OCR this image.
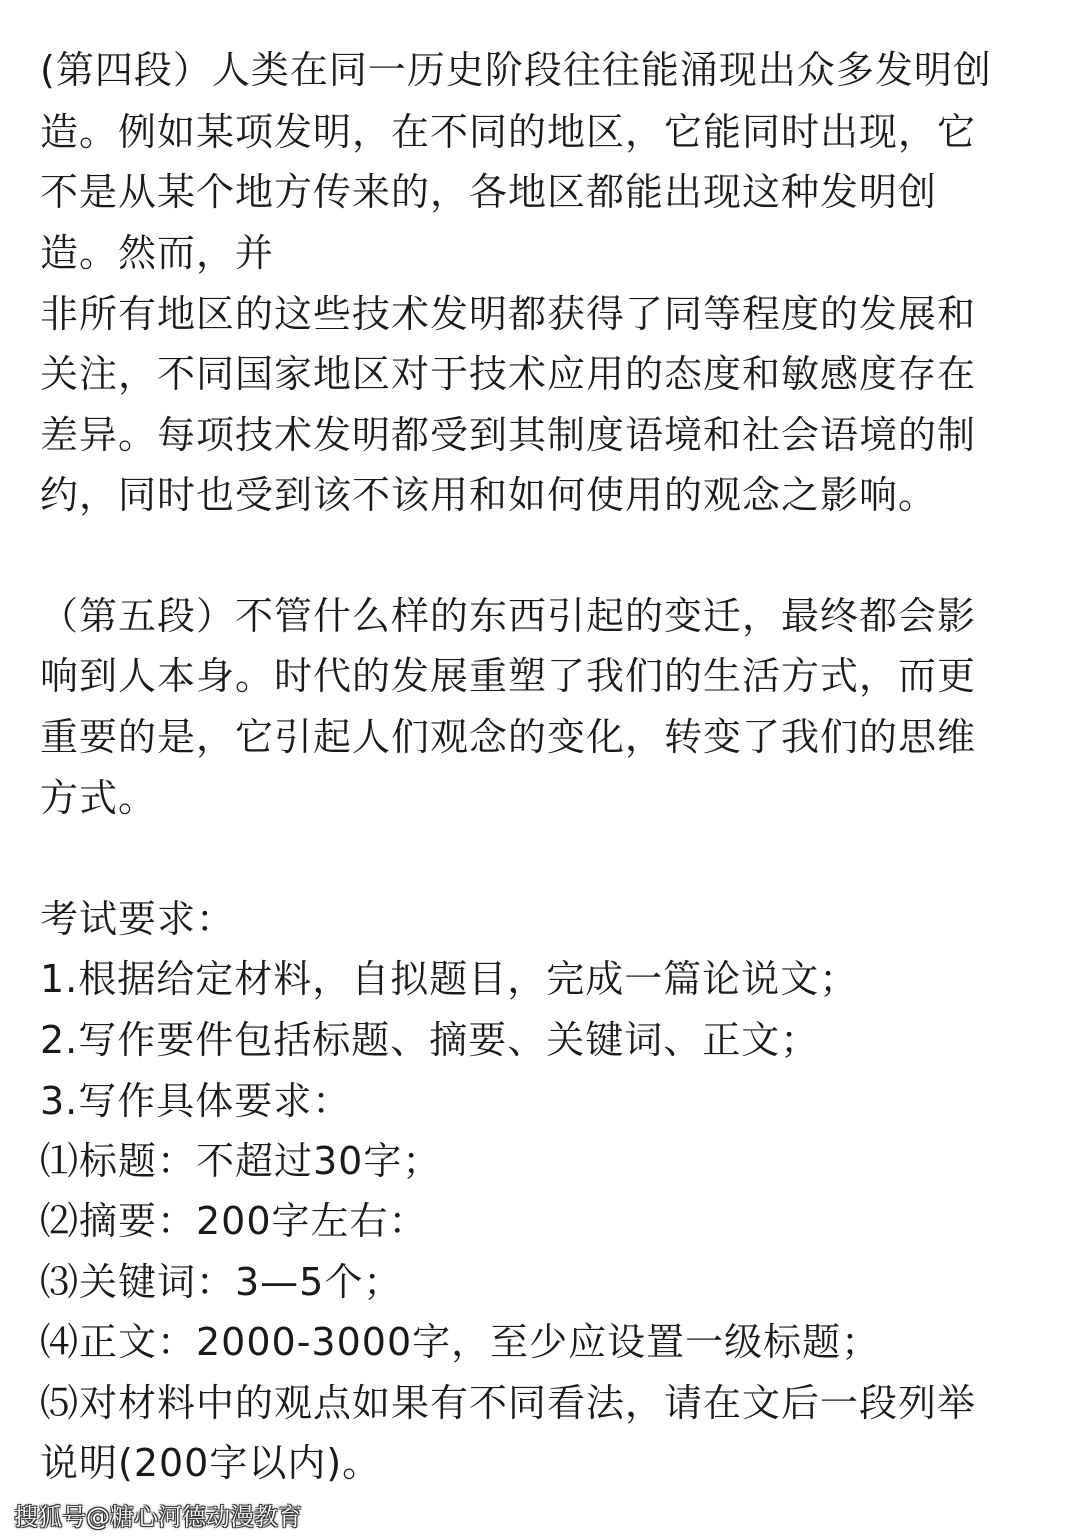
(第四段）人类在同一历史阶段往往能涌现出众多发明创
造。例如某项发明，在不同的地区，它能同时出现，它
不是从某个地方传来的，各地区都能出现这种发明创
造。然而，并
非所有地区的这些技术发明都获得了同等程度的发展和
关注，不同国家地区对于技术应用的态度和敏感度存在
差异。每项技术发明都受到其制度语境和社会语境的制
约，同时也受到该不该用和如何使用的观念之影响。
（第五段）不管什么样的东西引起的变迁，最终都会影
响到人本身。时代的发展重塑了我们的生活方式，而更
重要的是，它引起人们观念的变化，转变了我们的思维
方式。
考试要求：
1.根据给定材料，自拟题目，完成一篇论说文；
2.写作要件包括标题、摘要、关键词、正文；
3.写作具体要求：
⑴标题：不超过30字；
⑵摘要：200字左右：
⑶关键词：3—5个；
⑷正文：2000-3000字，至少应设置一级标题；
⑸对材料中的观点如果有不同看法，请在文后一段列举
说明(200字以内)。
搜狐号@糖心河德动漫教育
